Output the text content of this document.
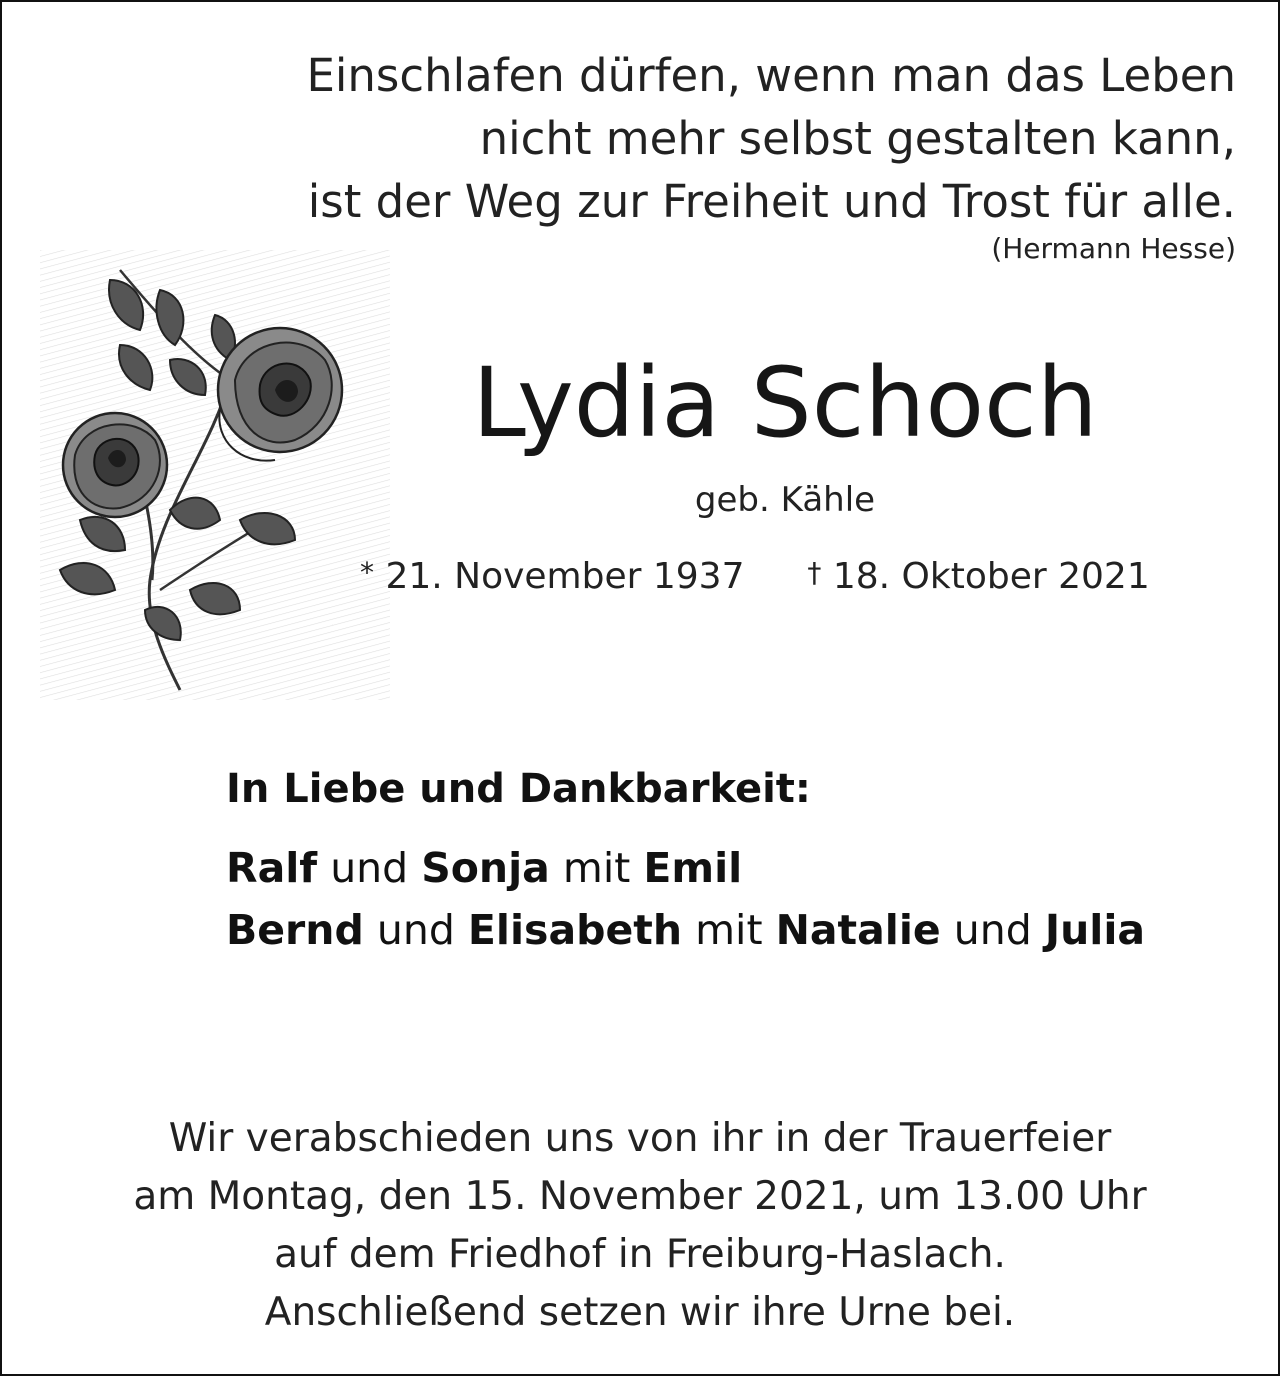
Einschlafen dürfen, wenn man das Leben
nicht mehr selbst gestalten kann,
ist der Weg zur Freiheit und Trost für alle.
(Hermann Hesse)
Lydia Schoch
geb. Kähle
* 21. November 1937 † 18. Oktober 2021
In Liebe und Dankbarkeit:
Ralf und Sonja mit Emil
Bernd und Elisabeth mit Natalie und Julia
Wir verabschieden uns von ihr in der Trauerfeier
am Montag, den 15. November 2021, um 13.00 Uhr
auf dem Friedhof in Freiburg-Haslach.
Anschließend setzen wir ihre Urne bei.
